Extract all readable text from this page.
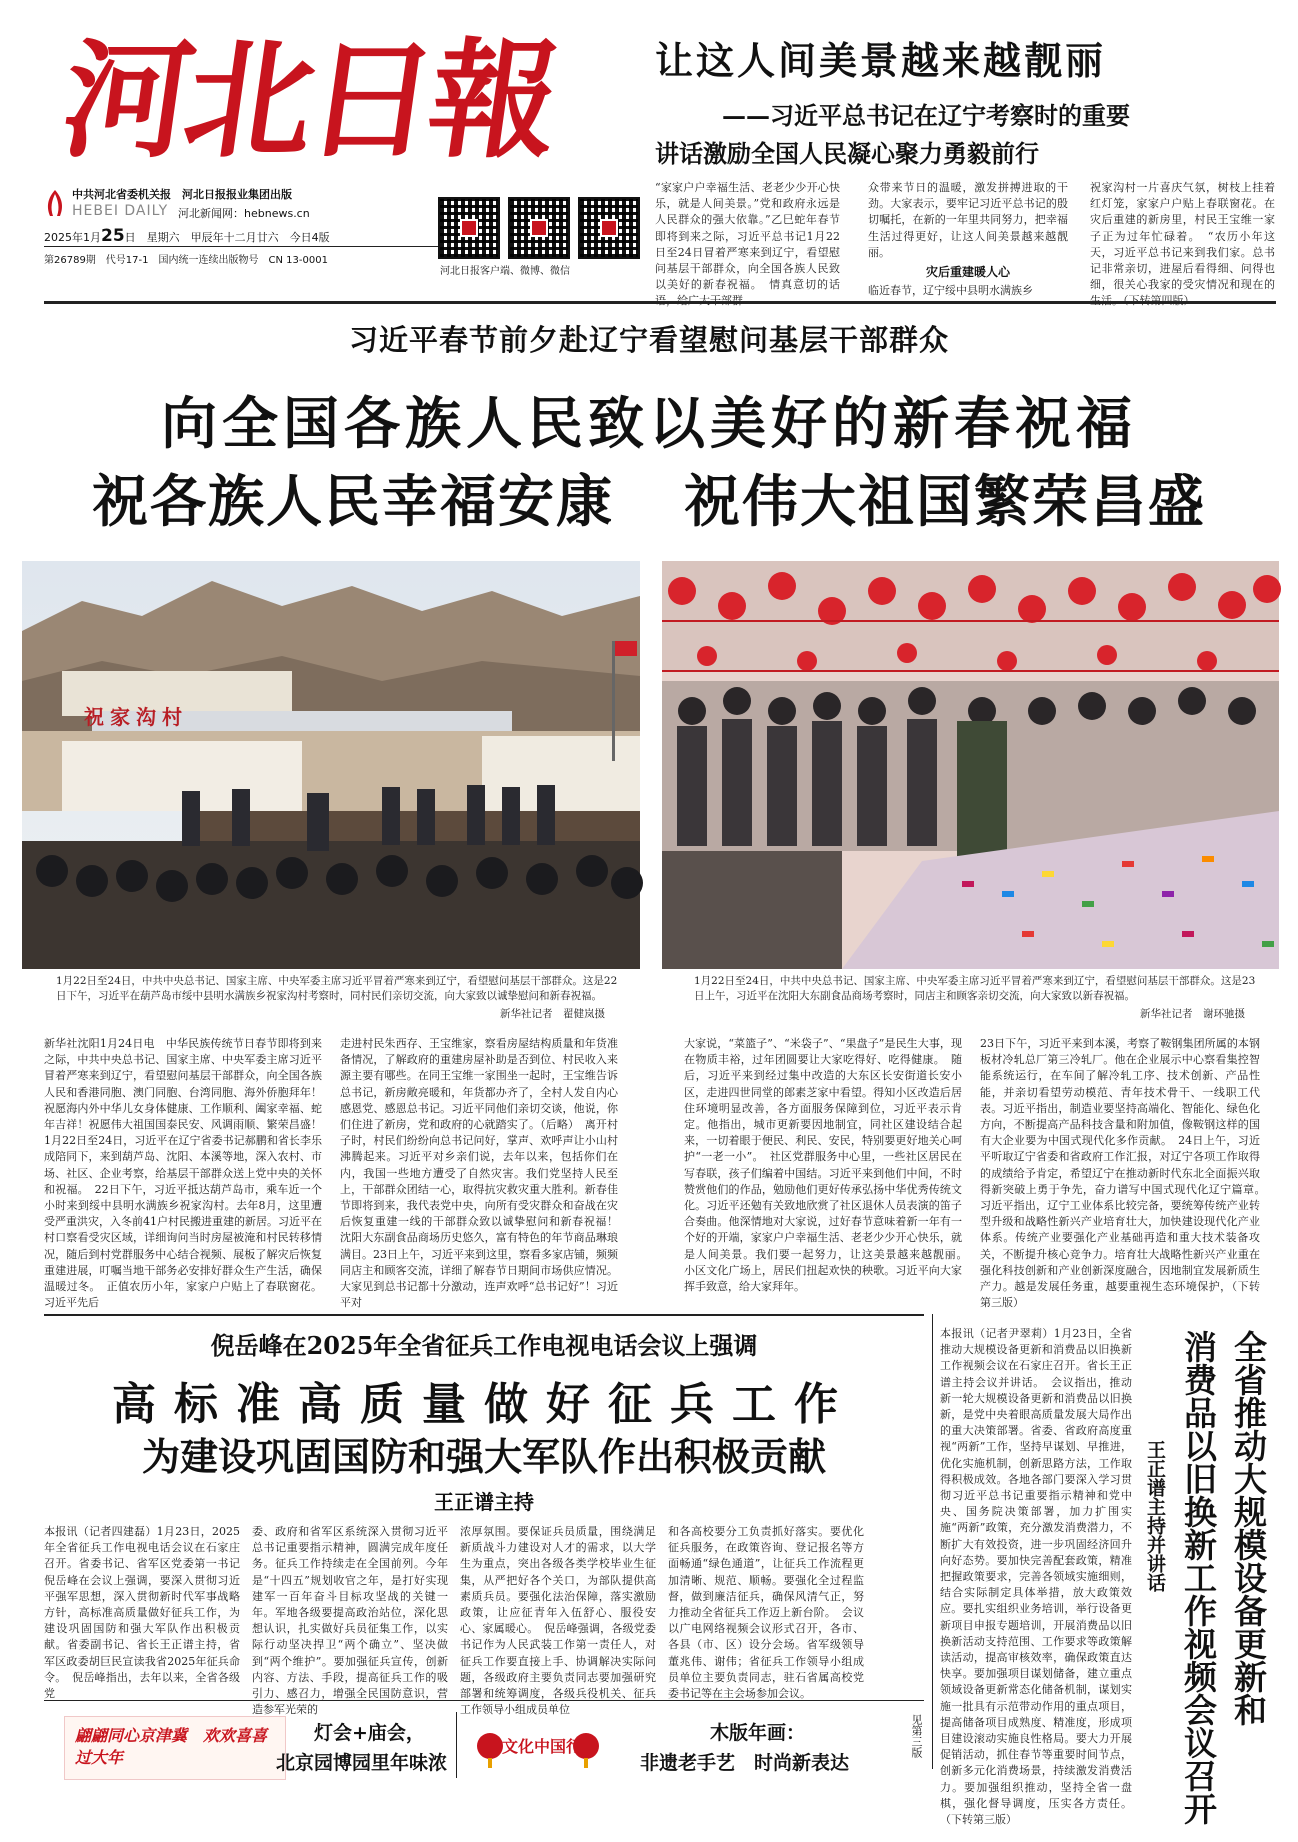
河北日報
中共河北省委机关报　河北日报报业集团出版
HEBEI DAILY 河北新闻网：hebnews.cn
2025年1月25日　星期六　甲辰年十二月廿六　今日4版
第26789期　代号17-1　国内统一连续出版物号　CN 13-0001
河北日报客户端、微博、微信
让这人间美景越来越靓丽
——习近平总书记在辽宁考察时的重要
讲话激励全国人民凝心聚力勇毅前行
“家家户户幸福生活、老老少少开心快乐，就是人间美景。”党和政府永远是人民群众的强大依靠。”乙巳蛇年春节即将到来之际，习近平总书记1月22日至24日冒着严寒来到辽宁，看望慰问基层干部群众，向全国各族人民致以美好的新春祝福。　情真意切的话
众带来节日的温暖，激发拼搏进取的干劲。大家表示，要牢记习近平总书记的殷切嘱托，在新的一年里共同努力，把幸福生活过得更好，让这人间美景越来越靓丽。
灾后重建暖人心
临近春节，辽宁绥中县明水满族乡
祝家沟村一片喜庆气氛，树枝上挂着红灯笼，家家户户贴上春联窗花。在灾后重建的新房里，村民王宝维一家子正为过年忙碌着。　“农历小年这天，习近平总书记来到我们家。总书记非常亲切，进屋后看得细、问得也细，很关心我家的受灾情况和现在的
习近平春节前夕赴辽宁看望慰问基层干部群众
向全国各族人民致以美好的新春祝福
祝各族人民幸福安康 祝伟大祖国繁荣昌盛
祝家沟村
1月22日至24日，中共中央总书记、国家主席、中央军委主席习近平冒着严寒来到辽宁，看望慰问基层干部群众。这是22日下午，习近平在葫芦岛市绥中县明水满族乡祝家沟村考察时，同村民们亲切交流，向大家致以诚挚慰问和新春祝福。
新华社记者　翟健岚摄
1月22日至24日，中共中央总书记、国家主席、中央军委主席习近平冒着严寒来到辽宁，看望慰问基层干部群众。这是23日上午，习近平在沈阳大东副食品商场考察时，同店主和顾客亲切交流，向大家致以新春祝福。
新华社记者　谢环驰摄
新华社沈阳1月24日电　中华民族传统节日春节即将到来之际，中共中央总书记、国家主席、中央军委主席习近平冒着严寒来到辽宁，看望慰问基层干部群众，向全国各族人民和香港同胞、澳门同胞、台湾同胞、海外侨胞拜年！祝愿海内外中华儿女身体健康、工作顺利、阖家幸福、蛇年吉祥！祝愿伟大祖国国泰民安、风调雨顺、繁荣昌盛！　1月22日至24日，习近平在辽宁省委书记郝鹏和省长李乐成陪同下，来到葫芦岛、沈阳、本溪等地，深入农村、市场、社区、企业考察，给基层干部群众送上党中央的关怀和祝福。　22日下午，习近平抵达葫芦岛市，乘车近一个小时来到绥中县明水满族乡祝家沟村。去年8月，这里遭受严重洪灾，入冬前41户村民搬进重建的新居。习近平在村口察看受灾区域，详细询问当时房屋被淹和村民转移情况，随后到村党群服务中心结合视频、展板了解灾后恢复重建进展，叮嘱当地干部务必安排好群众生产生活，确保温暖过冬。　正值农历小年，家家户户贴上了春联窗花。习近平先后
走进村民朱西存、王宝维家，察看房屋结构质量和年货准备情况，了解政府的重建房屋补助是否到位、村民收入来源主要有哪些。在同王宝维一家围坐一起时，王宝维告诉总书记，新房敞亮暖和，年货都办齐了，全村人发自内心感恩党、感恩总书记。习近平同他们亲切交谈，他说，你们住进了新房，党和政府的心就踏实了。（后略）　离开村子时，村民们纷纷向总书记问好，掌声、欢呼声让小山村沸腾起来。习近平对乡亲们说，去年以来，包括你们在内，我国一些地方遭受了自然灾害。我们党坚持人民至上，干部群众团结一心，取得抗灾救灾重大胜利。新春佳节即将到来，我代表党中央，向所有受灾群众和奋战在灾后恢复重建一线的干部群众致以诚挚慰问和新春祝福！　沈阳大东副食品商场历史悠久，富有特色的年节商品琳琅满目。23日上午，习近平来到这里，察看多家店铺，频频同店主和顾客交流，详细了解春节日期间市场供应情况。大家见到总书记都十分激动，连声欢呼“总书记好”！习近平对
大家说，“菜篮子”、“米袋子”、“果盘子”是民生大事，现在物质丰裕，过年团圆要让大家吃得好、吃得健康。　随后，习近平来到经过集中改造的大东区长安街道长安小区，走进四世同堂的郎素芝家中看望。得知小区改造后居住环境明显改善，各方面服务保障到位，习近平表示肯定。他指出，城市更新要因地制宜，同社区建设结合起来，一切着眼于便民、利民、安民，特别要更好地关心呵护“一老一小”。　社区党群服务中心里，一些社区居民在写春联，孩子们编着中国结。习近平来到他们中间，不时赞赏他们的作品，勉励他们更好传承弘扬中华优秀传统文化。习近平还勉有关致地欣赏了社区退休人员表演的笛子合奏曲。他深情地对大家说，过好春节意味着新一年有一个好的开端，家家户户幸福生活、老老少少开心快乐，就是人间美景。我们要一起努力，让这美景越来越靓丽。　小区文化广场上，居民们扭起欢快的秧歌。习近平向大家挥手致意，给大家拜年。
23日下午，习近平来到本溪，考察了鞍钢集团所属的本钢板材冷轧总厂第三冷轧厂。他在企业展示中心察看集控智能系统运行，在车间了解冷轧工序、技术创新、产品性能，并亲切看望劳动模范、青年技术骨干、一线职工代表。习近平指出，制造业要坚持高端化、智能化、绿色化方向，不断提高产品科技含量和附加值，像鞍钢这样的国有大企业要为中国式现代化多作贡献。　24日上午，习近平听取辽宁省委和省政府工作汇报，对辽宁各项工作取得的成绩给予肯定，希望辽宁在推动新时代东北全面振兴取得新突破上勇于争先，奋力谱写中国式现代化辽宁篇章。　习近平指出，辽宁工业体系比较完备，要统筹传统产业转型升级和战略性新兴产业培育壮大，加快建设现代化产业体系。传统产业要强化产业基础再造和重大技术装备攻关，不断提升核心竞争力。培育壮大战略性新兴产业重在强化科技创新和产业创新深度融合，因地制宜发展新质生产力。越是发展任务重，越要重视生态环境保护，（下转第三版）
倪岳峰在2025年全省征兵工作电视电话会议上强调
高标准高质量做好征兵工作
为建设巩固国防和强大军队作出积极贡献
王正谱主持
本报讯（记者四建磊）1月23日，2025年全省征兵工作电视电话会议在石家庄召开。省委书记、省军区党委第一书记倪岳峰在会议上强调，要深入贯彻习近平强军思想，深入贯彻新时代军事战略方针，高标准高质量做好征兵工作，为建设巩固国防和强大军队作出积极贡献。省委副书记、省长王正谱主持，省军区政委胡巨民宣读我省2025年征兵命令。　倪岳峰指出，去年以来，全省各级党
委、政府和省军区系统深入贯彻习近平总书记重要指示精神，圆满完成年度任务。征兵工作持续走在全国前列。今年是“十四五”规划收官之年，是打好实现建军一百年奋斗目标攻坚战的关键一年。军地各级要提高政治站位，深化思想认识，扎实做好兵员征集工作，以实际行动坚决捍卫“两个确立”、坚决做到“两个维护”。要加强征兵宣传，创新内容、方法、手段，提高征兵工作的吸引力、感召力，增强全民国防意识，营造参军光荣的
浓厚氛围。要保证兵员质量，围绕满足新质战斗力建设对人才的需求，以大学生为重点，突出各级各类学校毕业生征集，从严把好各个关口，为部队提供高素质兵员。要强化法治保障，落实激励政策，让应征青年入伍舒心、服役安心、家属暖心。　倪岳峰强调，各级党委书记作为人民武装工作第一责任人，对征兵工作要直接上手、协调解决实际问题，各级政府主要负责同志要加强研究部署和统筹调度，各级兵役机关、征兵工作领导小组成员单位
和各高校要分工负责抓好落实。要优化征兵服务，在政策咨询、登记报名等方面畅通“绿色通道”，让征兵工作流程更加清晰、规范、顺畅。要强化全过程监督，做到廉洁征兵，确保风清气正，努力推动全省征兵工作迈上新台阶。　会议以广电网络视频会议形式召开，各市、各县（市、区）设分会场。省军级领导董兆伟、谢伟；省征兵工作领导小组成员单位主要负责同志，驻石省属高校党委书记等在主会场参加会议。
本报讯（记者尹翠莉）1月23日，全省推动大规模设备更新和消费品以旧换新工作视频会议在石家庄召开。省长王正谱主持会议并讲话。　会议指出，推动新一轮大规模设备更新和消费品以旧换新，是党中央着眼高质量发展大局作出的重大决策部署。省委、省政府高度重视“两新”工作，坚持早谋划、早推进，优化实施机制，创新思路方法，工作取得积极成效。各地各部门要深入学习贯彻习近平总书记重要指示精神和党中央、国务院决策部署，加力扩围实施“两新”政策，充分激发消费潜力，不断扩大有效投资，进一步巩固经济回升向好态势。要加快完善配套政策，精准把握政策要求，完善各领域实施细则，结合实际制定具体举措，放大政策效应。要扎实组织业务培训，举行设备更新项目申报专题培训，开展消费品以旧换新活动支持范围、工作要求等政策解读活动，提高审核效率，确保政策直达快享。要加强项目谋划储备，建立重点领域设备更新常态化储备机制，谋划实施一批具有示范带动作用的重点项目，提高储备项目成熟度、精准度，形成项目建设滚动实施良性格局。要大力开展促销活动，抓住春节等重要时间节点，创新多元化消费场景，持续激发消费活力。要加强组织推动，坚持全省一盘棋，强化督导调度，压实各方责任。（下转第三版）
王正谱主持并讲话 消费品以旧换新工作视频会议召开 全省推动大规模设备更新和
翩翩同心京津冀　欢欢喜喜过大年
灯会+庙会，
北京园博园里年味浓
文化中国行
木版年画：
非遗老手艺　时尚新表达
见第三版
